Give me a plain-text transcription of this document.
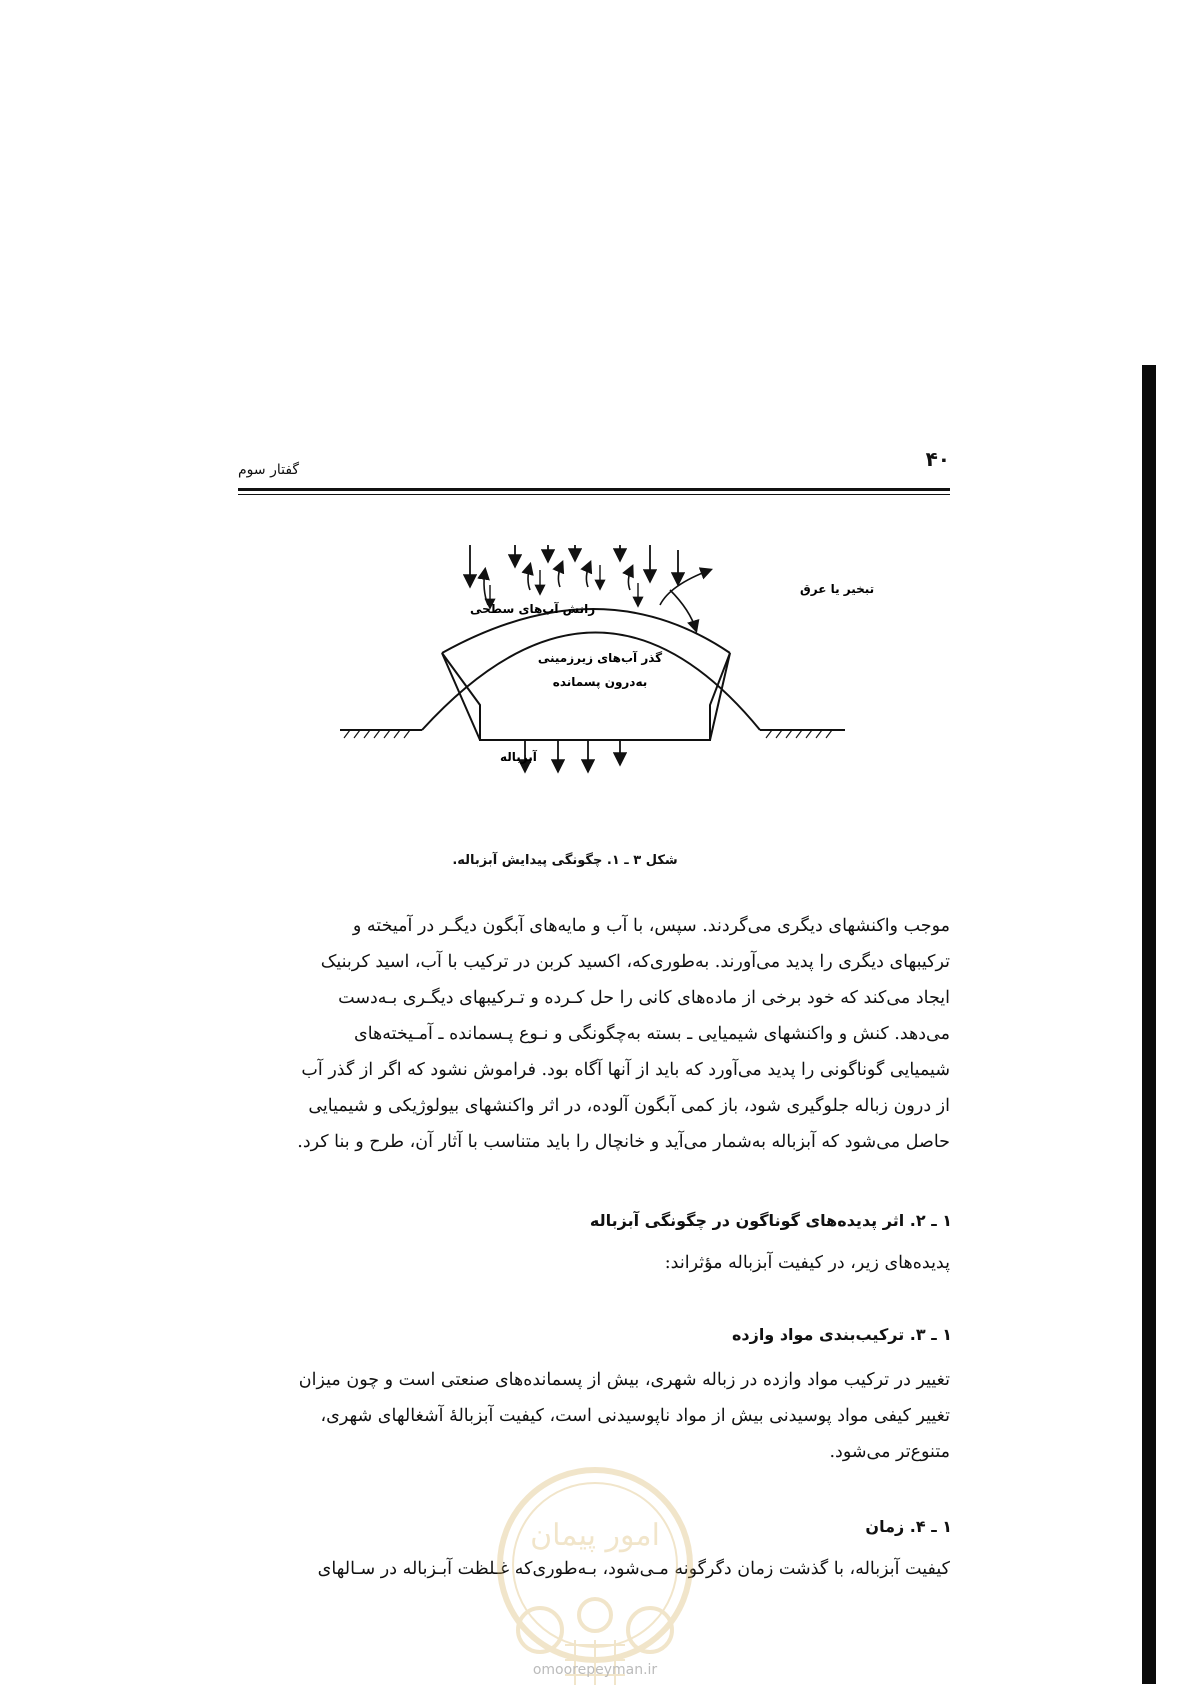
۴۰
گفتار سوم
تبخیر یا عرق
رانش آب‌های سطحی
گذر آب‌های زیرزمینی
به‌درون پسمانده
آبزباله
شکل ۳ ـ ۱. چگونگی پیدایش آبزباله.
موجب واکنشهای دیگری می‌گردند. سپس، با آب و مایه‌های آبگون دیگـر در آمیخته و
ترکیبهای دیگری را پدید می‌آورند. به‌طوری‌که، اکسید کربن در ترکیب با آب، اسید کربنیک
ایجاد می‌کند که خود برخی از ماده‌های کانی را حل کـرده و تـرکیبهای دیگـری بـه‌دست
می‌دهد. کنش و واکنشهای شیمیایی ـ بسته به‌چگونگی و نـوع پـسمانده ـ آمـیخته‌های
شیمیایی گوناگونی را پدید می‌آورد که باید از آنها آگاه بود. فراموش نشود که اگر از گذر آب
از درون زباله جلوگیری شود، باز کمی آبگون آلوده، در اثر واکنشهای بیولوژیکی و شیمیایی
حاصل می‌شود که آبزباله به‌شمار می‌آید و خانچال را باید متناسب با آثار آن، طرح و بنا کرد.
۱ ـ ۲. اثر پدیده‌های گوناگون در چگونگی آبزباله
پدیده‌های زیر، در کیفیت آبزباله مؤثراند:
۱ ـ ۳. ترکیب‌بندی مواد وازده
تغییر در ترکیب مواد وازده در زباله شهری، بیش از پسمانده‌های صنعتی است و چون میزان
تغییر کیفی مواد پوسیدنی بیش از مواد ناپوسیدنی است، کیفیت آبزبالهٔ آشغالهای شهری،
متنوع‌تر می‌شود.
۱ ـ ۴. زمان
کیفیت آبزباله، با گذشت زمان دگرگونه مـی‌شود، بـه‌طوری‌که غـلظت آبـزباله در سـالهای
امور پیمان
omoorepeyman.ir
